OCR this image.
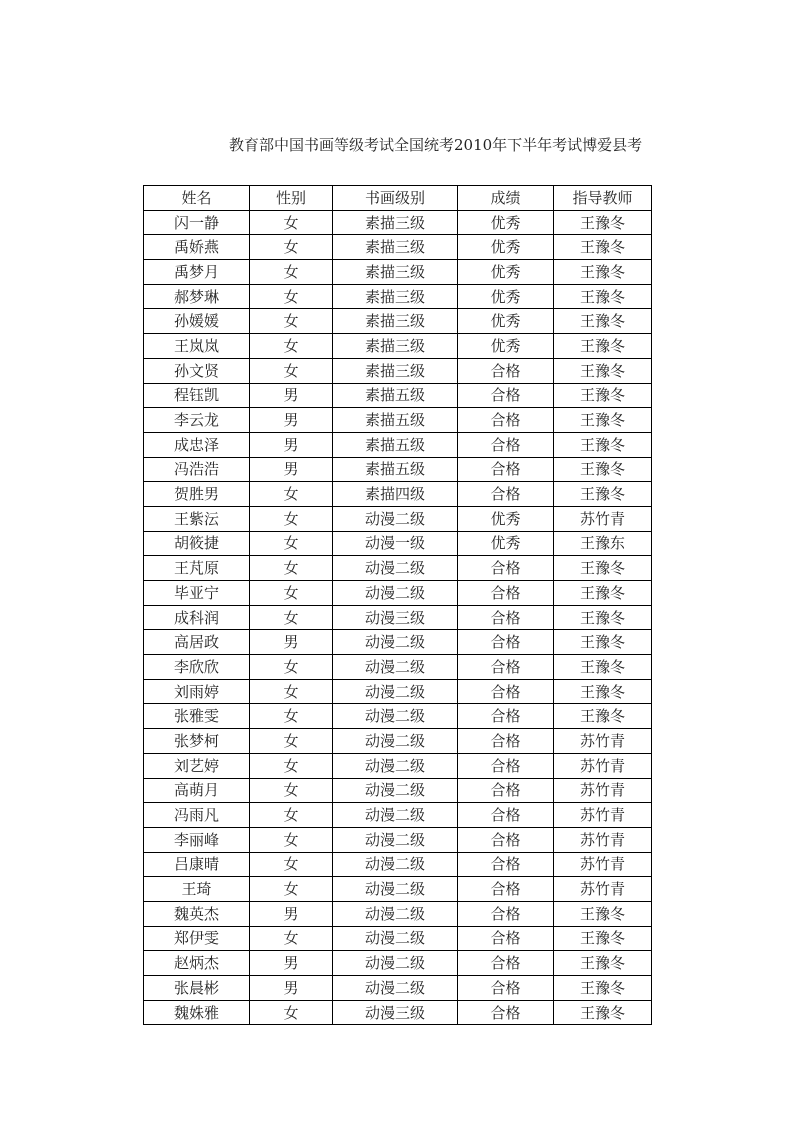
教育部中国书画等级考试全国统考2010年下半年考试博爱县考
姓名	性别	书画级别	成绩	指导教师
闪一静	女	素描三级	优秀	王豫冬
禹娇燕	女	素描三级	优秀	王豫冬
禹梦月	女	素描三级	优秀	王豫冬
郝梦琳	女	素描三级	优秀	王豫冬
孙媛媛	女	素描三级	优秀	王豫冬
王岚岚	女	素描三级	优秀	王豫冬
孙文贤	女	素描三级	合格	王豫冬
程钰凯	男	素描五级	合格	王豫冬
李云龙	男	素描五级	合格	王豫冬
成忠泽	男	素描五级	合格	王豫冬
冯浩浩	男	素描五级	合格	王豫冬
贺胜男	女	素描四级	合格	王豫冬
王紫沄	女	动漫二级	优秀	苏竹青
胡筱捷	女	动漫一级	优秀	王豫东
王芃原	女	动漫二级	合格	王豫冬
毕亚宁	女	动漫二级	合格	王豫冬
成科润	女	动漫三级	合格	王豫冬
高居政	男	动漫二级	合格	王豫冬
李欣欣	女	动漫二级	合格	王豫冬
刘雨婷	女	动漫二级	合格	王豫冬
张雅雯	女	动漫二级	合格	王豫冬
张梦柯	女	动漫二级	合格	苏竹青
刘艺婷	女	动漫二级	合格	苏竹青
高萌月	女	动漫二级	合格	苏竹青
冯雨凡	女	动漫二级	合格	苏竹青
李丽峰	女	动漫二级	合格	苏竹青
吕康晴	女	动漫二级	合格	苏竹青
王琦	女	动漫二级	合格	苏竹青
魏英杰	男	动漫二级	合格	王豫冬
郑伊雯	女	动漫二级	合格	王豫冬
赵炳杰	男	动漫二级	合格	王豫冬
张晨彬	男	动漫二级	合格	王豫冬
魏姝雅	女	动漫三级	合格	王豫冬
